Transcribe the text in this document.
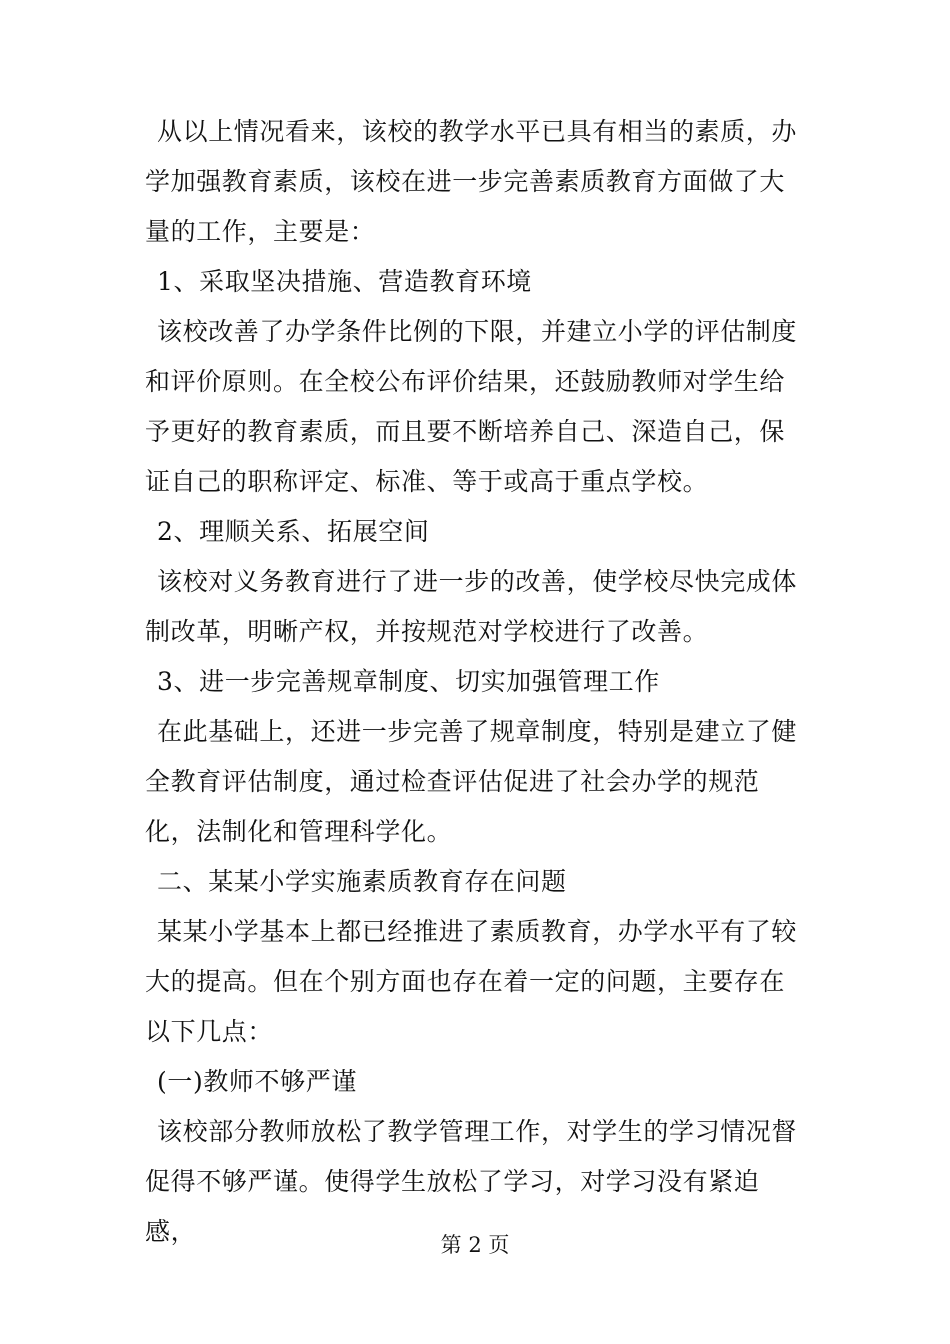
从以上情况看来，该校的教学水平已具有相当的素质，办学加强教育素质，该校在进一步完善素质教育方面做了大量的工作，主要是：

1、采取坚决措施、营造教育环境

该校改善了办学条件比例的下限，并建立小学的评估制度和评价原则。在全校公布评价结果，还鼓励教师对学生给予更好的教育素质，而且要不断培养自己、深造自己，保证自己的职称评定、标准、等于或高于重点学校。

2、理顺关系、拓展空间

该校对义务教育进行了进一步的改善，使学校尽快完成体制改革，明晰产权，并按规范对学校进行了改善。

3、进一步完善规章制度、切实加强管理工作

在此基础上，还进一步完善了规章制度，特别是建立了健全教育评估制度，通过检查评估促进了社会办学的规范化，法制化和管理科学化。

二、某某小学实施素质教育存在问题

某某小学基本上都已经推进了素质教育，办学水平有了较大的提高。但在个别方面也存在着一定的问题，主要存在以下几点：

(一)教师不够严谨

该校部分教师放松了教学管理工作，对学生的学习情况督促得不够严谨。使得学生放松了学习，对学习没有紧迫感，	第 2 页
